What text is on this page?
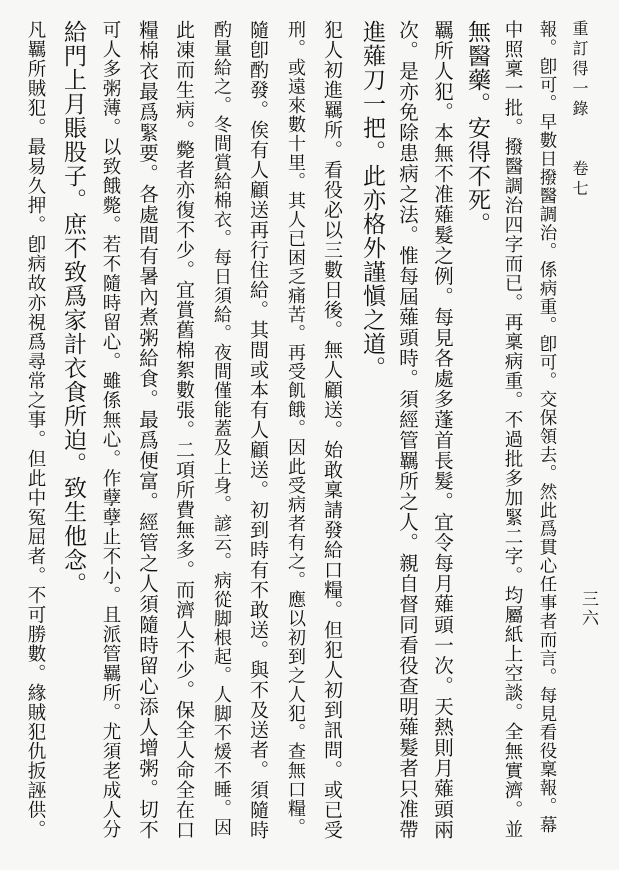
重訂得一錄卷七
三六
報。卽可。早數日撥醫調治。係病重。卽可。交保領去。然此爲貫心任事者而言。每見看役稟報。幕
中照稟一批。撥醫調治四字而已。再稟病重。不過批多加緊二字。均屬紙上空談。全無實濟。並
無醫藥。安得不死。
羈所人犯。本無不准薙髮之例。每見各處多蓬首長髮。宜令每月薙頭一次。天熱則月薙頭兩
次。是亦免除患病之法。惟每屆薙頭時。須經管羈所之人。親自督同看役查明薙髮者只准帶
進薙刀一把。此亦格外謹愼之道。
犯人初進羈所。看役必以三數日後。無人顧送。始敢稟請發給口糧。但犯人初到訊問。或已受
刑。或遠來數十里。其人已困乏痛苦。再受飢餓。因此受病者有之。應以初到之人犯。查無口糧。
隨卽酌發。俟有人顧送再行住給。其間或本有人顧送。初到時有不敢送。與不及送者。須隨時
酌量給之。冬間賞給棉衣。每日須給。夜間僅能蓋及上身。諺云。病從脚根起。人脚不煖不睡。因
此凍而生病。斃者亦復不少。宜賞舊棉絮數張。二項所費無多。而濟人不少。保全人命全在口
糧棉衣最爲緊要。各處間有暑內煮粥給食。最爲便富。經管之人須隨時留心添人增粥。切不
可人多粥薄。以致餓斃。若不隨時留心。雖係無心。作孽孽止不小。且派管羈所。尤須老成人分
給門上月賬股子。庶不致爲家計衣食所迫。致生他念。
凡羈所賊犯。最易久押。卽病故亦視爲尋常之事。但此中冤屈者。不可勝數。緣賊犯仇扳誣供。
